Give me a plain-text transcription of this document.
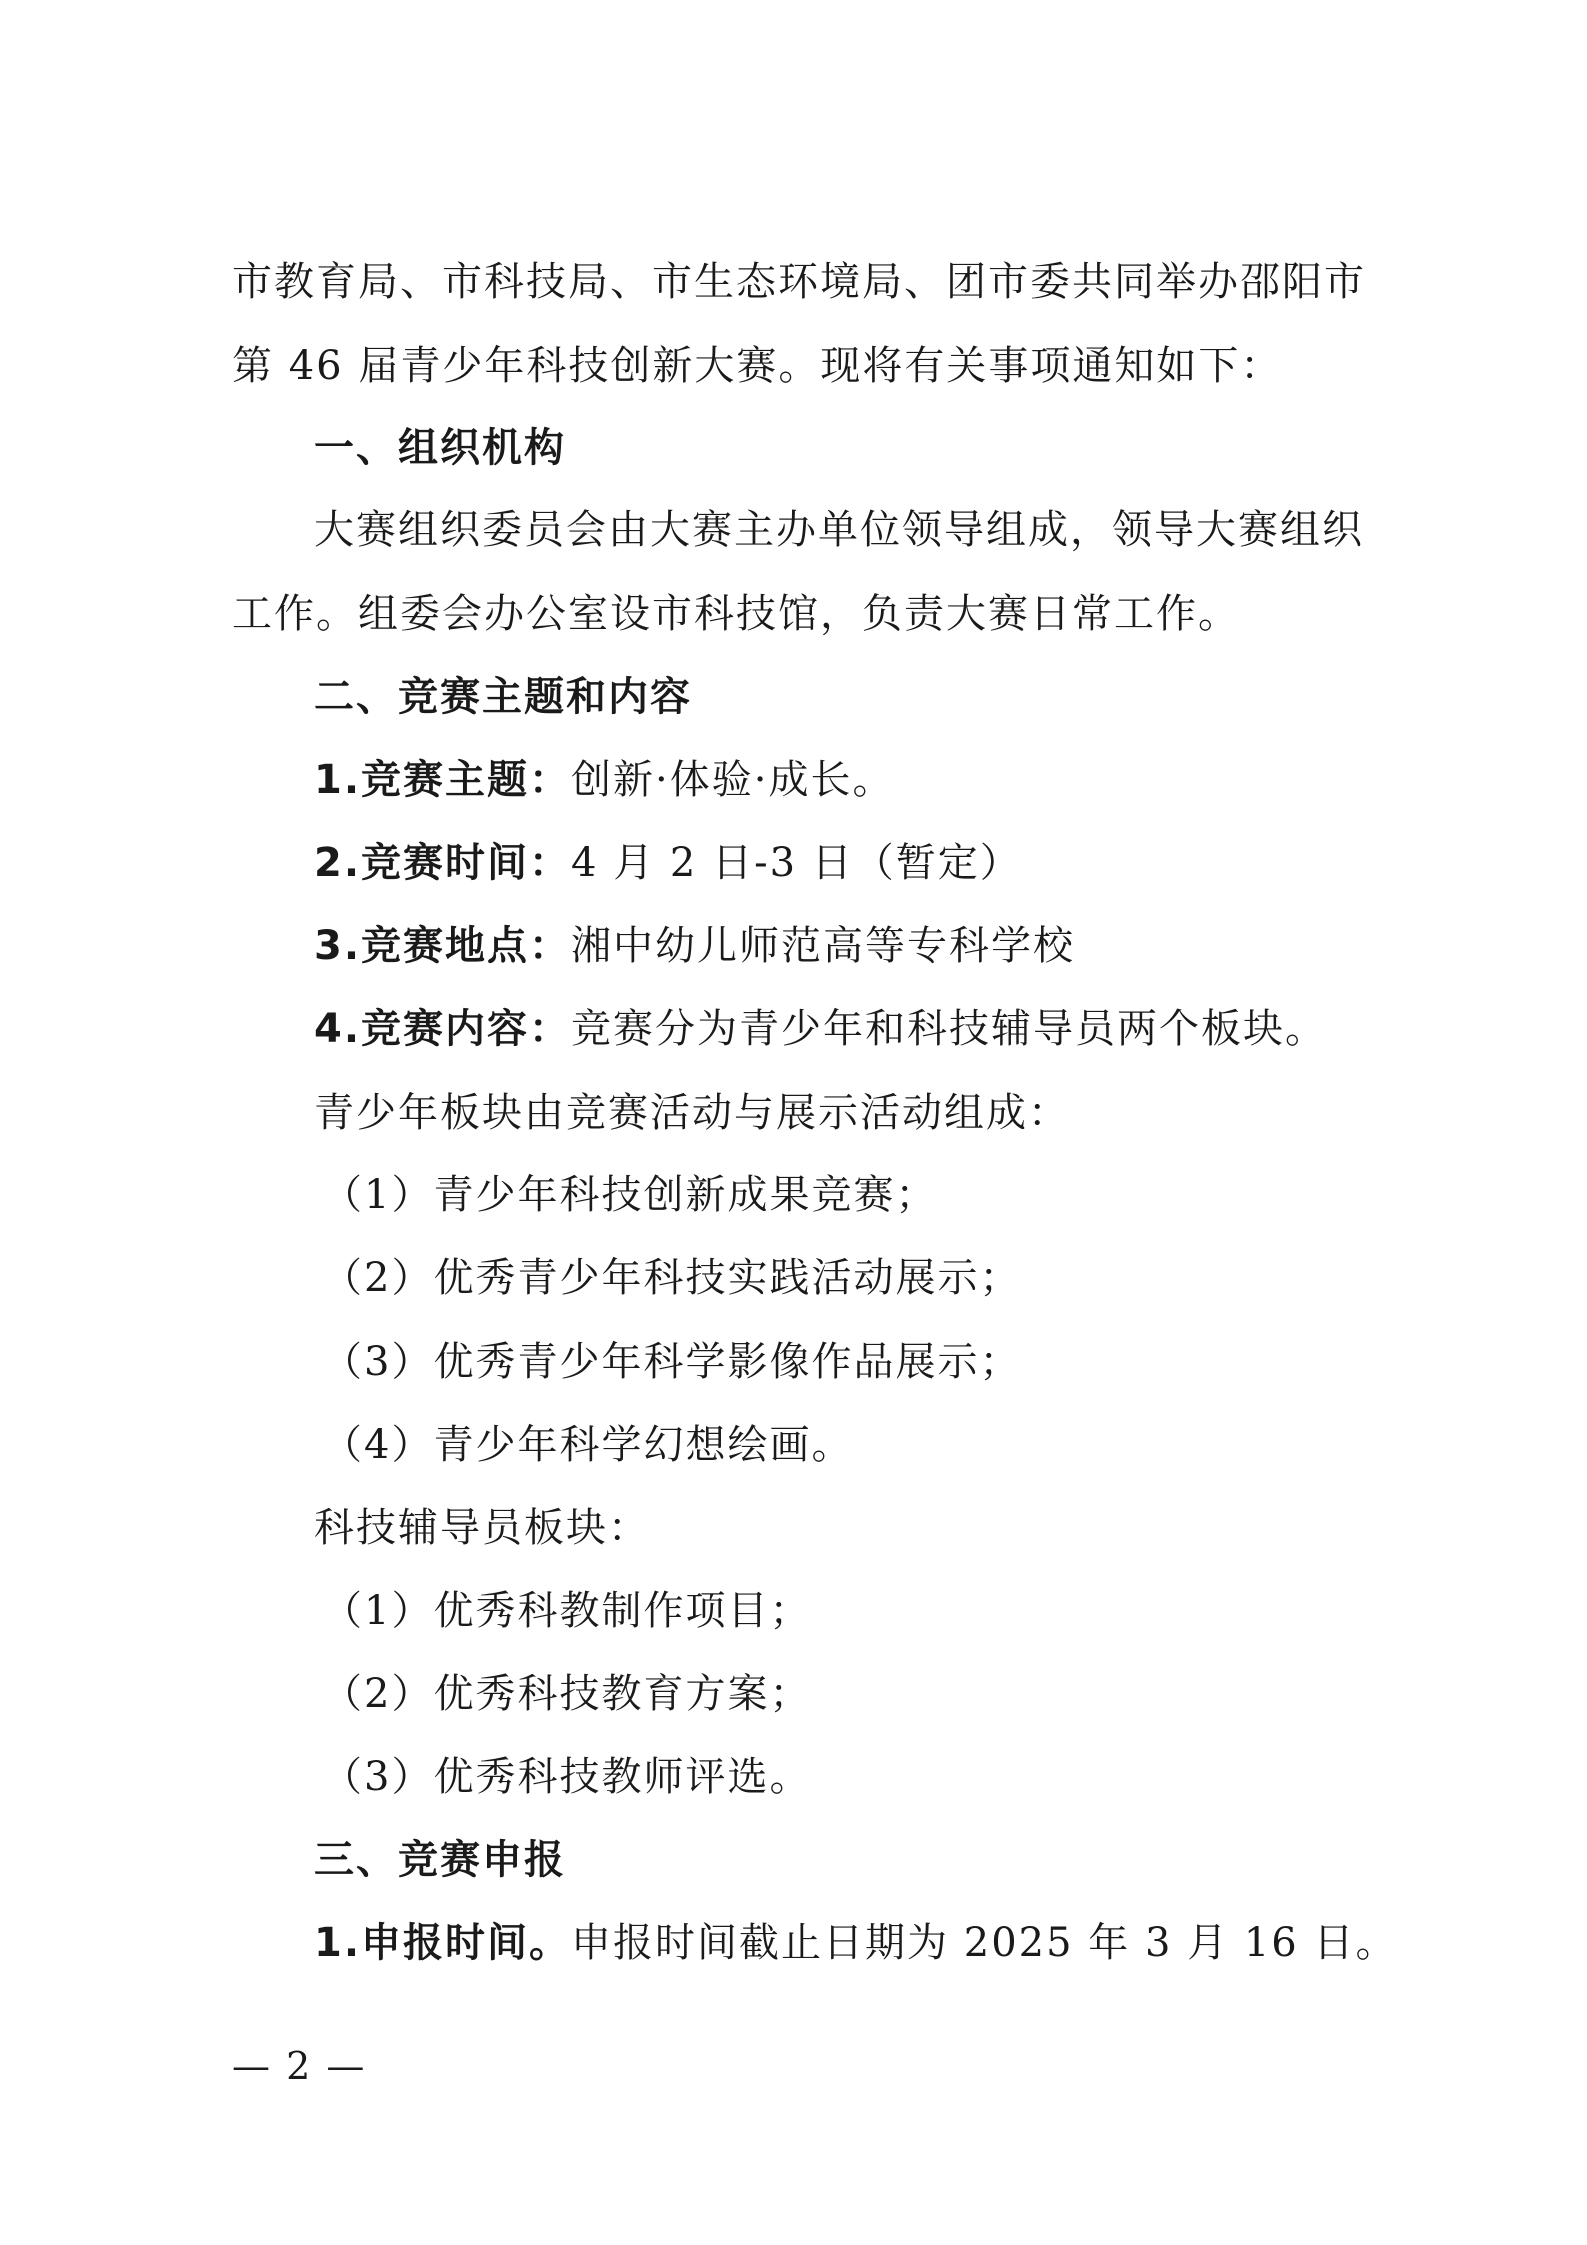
市教育局、市科技局、市生态环境局、团市委共同举办邵阳市
第 46 届青少年科技创新大赛。现将有关事项通知如下：
一、组织机构
大赛组织委员会由大赛主办单位领导组成，领导大赛组织
工作。组委会办公室设市科技馆，负责大赛日常工作。
二、竞赛主题和内容
1.竞赛主题：创新·体验·成长。
2.竞赛时间：4 月 2 日-3 日（暂定）
3.竞赛地点：湘中幼儿师范高等专科学校
4.竞赛内容：竞赛分为青少年和科技辅导员两个板块。
青少年板块由竞赛活动与展示活动组成：
（1）青少年科技创新成果竞赛；
（2）优秀青少年科技实践活动展示；
（3）优秀青少年科学影像作品展示；
（4）青少年科学幻想绘画。
科技辅导员板块：
（1）优秀科教制作项目；
（2）优秀科技教育方案；
（3）优秀科技教师评选。
三、竞赛申报
1.申报时间。申报时间截止日期为 2025 年 3 月 16 日。
— 2 —
